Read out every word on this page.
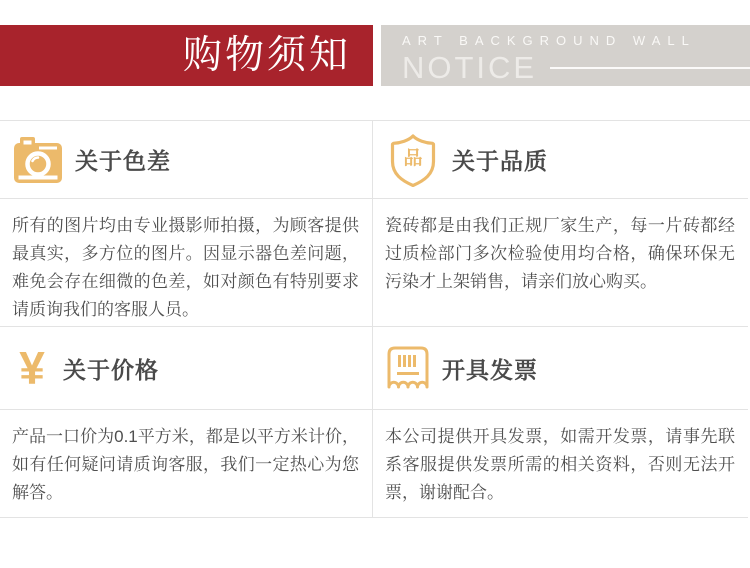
购物须知	ART BACKGROUND WALL
NOTICE
关于色差

所有的图片均由专业摄影师拍摄，为顾客提供最真实，多方位的图片。因显示器色差问题，难免会存在细微的色差，如对颜色有特别要求请质询我们的客服人员。

品	关于品质

瓷砖都是由我们正规厂家生产，每一片砖都经过质检部门多次检验使用均合格，确保环保无污染才上架销售，请亲们放心购买。

¥ 关于价格

产品一口价为0.1平方米，都是以平方米计价，如有任何疑问请质询客服，我们一定热心为您解答。

开具发票

本公司提供开具发票，如需开发票，请事先联系客服提供发票所需的相关资料，否则无法开票，谢谢配合。
